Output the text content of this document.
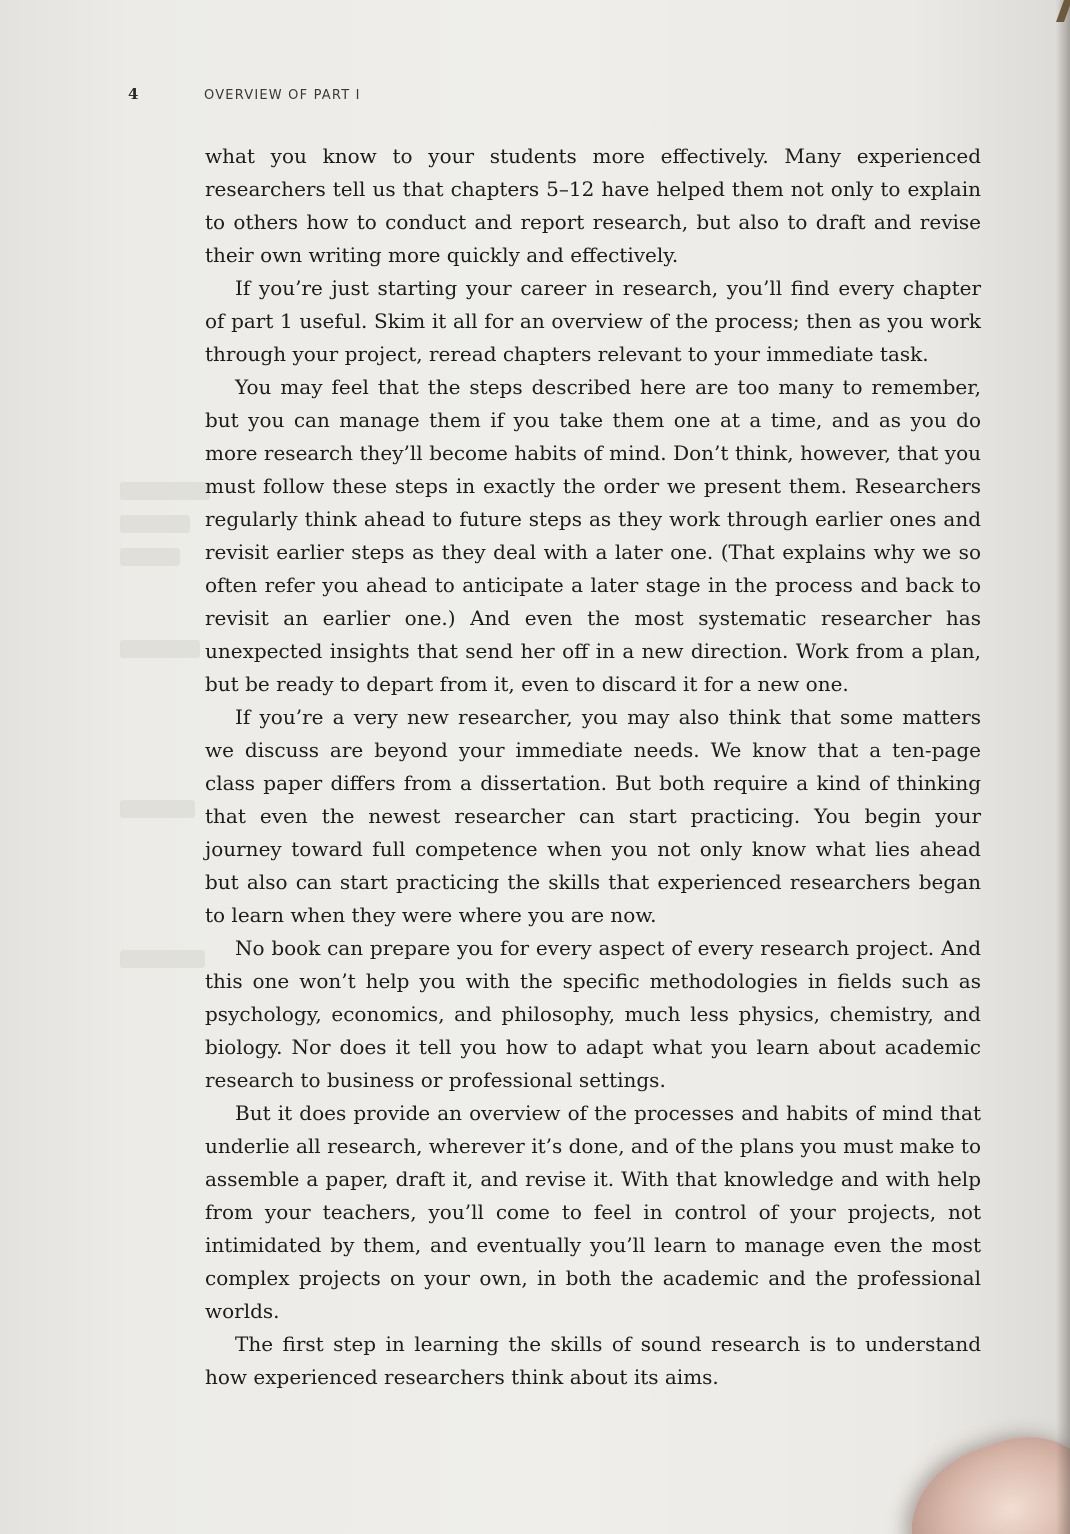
4	OVERVIEW OF PART I

what you know to your students more effectively. Many experienced researchers tell us that chapters 5–12 have helped them not only to explain to others how to conduct and report research, but also to draft and revise their own writing more quickly and effectively.

If you’re just starting your career in research, you’ll find every chapter of part 1 useful. Skim it all for an overview of the process; then as you work through your project, reread chapters relevant to your immediate task.

You may feel that the steps described here are too many to remember, but you can manage them if you take them one at a time, and as you do more research they’ll become habits of mind. Don’t think, however, that you must follow these steps in exactly the order we present them. Researchers regularly think ahead to future steps as they work through earlier ones and revisit earlier steps as they deal with a later one. (That explains why we so often refer you ahead to anticipate a later stage in the process and back to revisit an earlier one.) And even the most systematic researcher has unexpected insights that send her off in a new direction. Work from a plan, but be ready to depart from it, even to discard it for a new one.

If you’re a very new researcher, you may also think that some matters we discuss are beyond your immediate needs. We know that a ten-page class paper differs from a dissertation. But both require a kind of thinking that even the newest researcher can start practicing. You begin your journey toward full competence when you not only know what lies ahead but also can start practicing the skills that experienced researchers began to learn when they were where you are now.

No book can prepare you for every aspect of every research project. And this one won’t help you with the specific methodologies in fields such as psychology, economics, and philosophy, much less physics, chemistry, and biology. Nor does it tell you how to adapt what you learn about academic research to business or professional settings.

But it does provide an overview of the processes and habits of mind that underlie all research, wherever it’s done, and of the plans you must make to assemble a paper, draft it, and revise it. With that knowledge and with help from your teachers, you’ll come to feel in control of your projects, not intimidated by them, and eventually you’ll learn to manage even the most complex projects on your own, in both the academic and the professional worlds.

The first step in learning the skills of sound research is to understand how experienced researchers think about its aims.
